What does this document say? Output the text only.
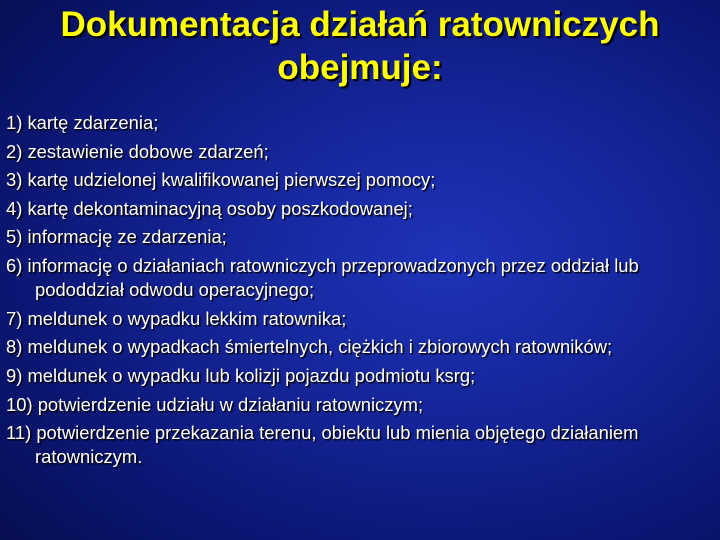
Dokumentacja działań ratowniczych
obejmuje:
1) kartę zdarzenia;
2) zestawienie dobowe zdarzeń;
3) kartę udzielonej kwalifikowanej pierwszej pomocy;
4) kartę dekontaminacyjną osoby poszkodowanej;
5) informację ze zdarzenia;
6) informację o działaniach ratowniczych przeprowadzonych przez oddział lub pododdział odwodu operacyjnego;
7) meldunek o wypadku lekkim ratownika;
8) meldunek o wypadkach śmiertelnych, ciężkich i zbiorowych ratowników;
9) meldunek o wypadku lub kolizji pojazdu podmiotu ksrg;
10) potwierdzenie udziału w działaniu ratowniczym;
11) potwierdzenie przekazania terenu, obiektu lub mienia objętego działaniem ratowniczym.
